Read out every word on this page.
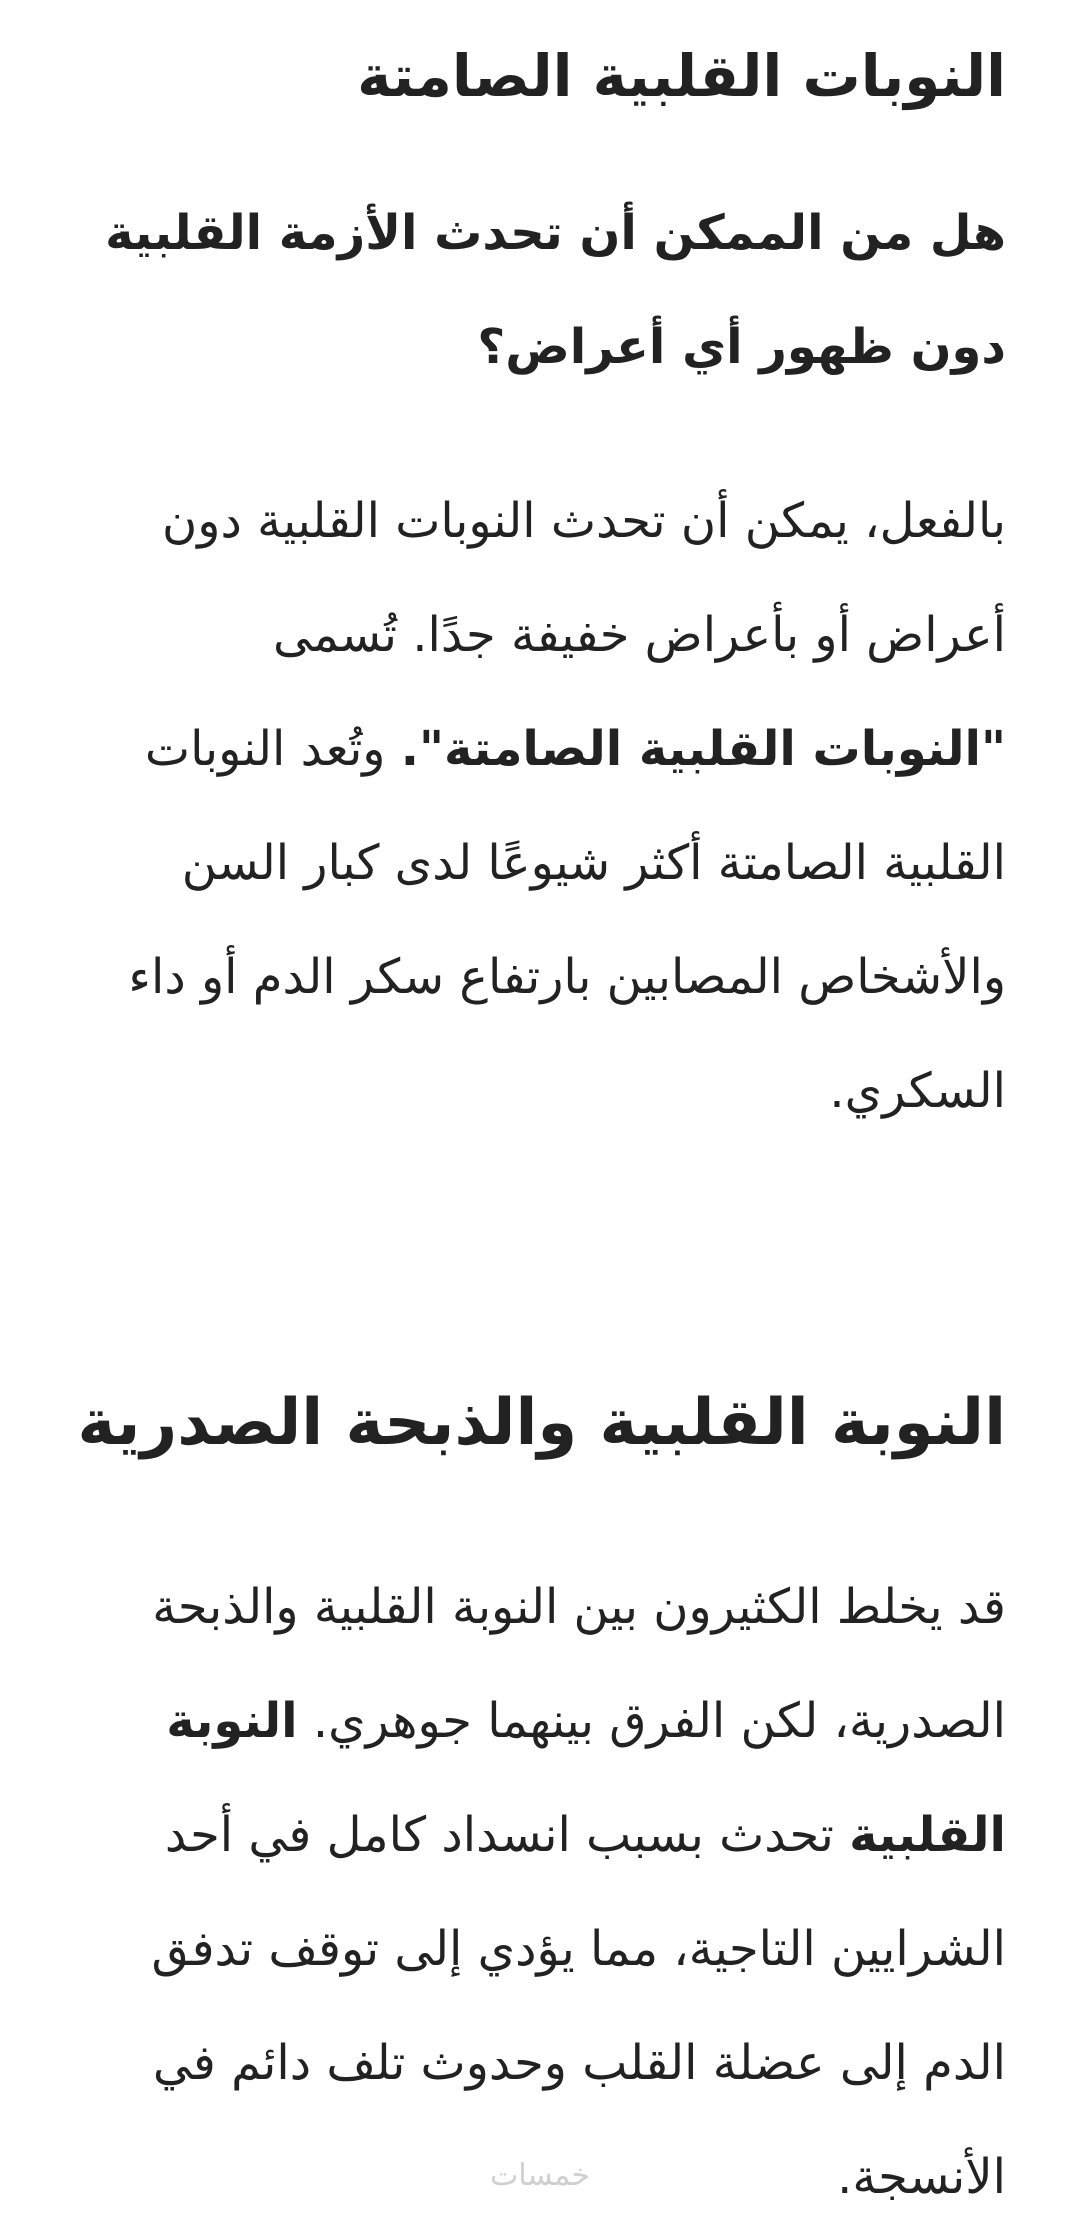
النوبات القلبية الصامتة
هل من الممكن أن تحدث الأزمة القلبية دون ظهور أي أعراض؟

بالفعل، يمكن أن تحدث النوبات القلبية دون أعراض أو بأعراض خفيفة جدًا. تُسمى "النوبات القلبية الصامتة". وتُعد النوبات القلبية الصامتة أكثر شيوعًا لدى كبار السن والأشخاص المصابين بارتفاع سكر الدم أو داء السكري.

النوبة القلبية والذبحة الصدرية

قد يخلط الكثيرون بين النوبة القلبية والذبحة الصدرية، لكن الفرق بينهما جوهري. النوبة القلبية تحدث بسبب انسداد كامل في أحد الشرايين التاجية، مما يؤدي إلى توقف تدفق الدم إلى عضلة القلب وحدوث تلف دائم في الأنسجة.

خمسات
